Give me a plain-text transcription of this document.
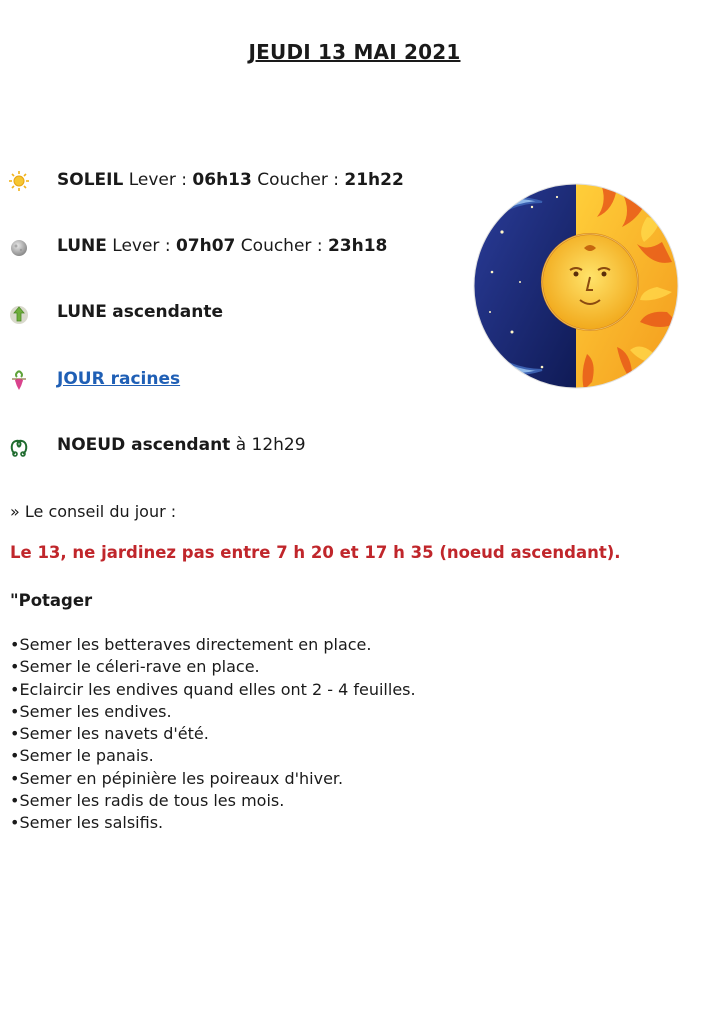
JEUDI 13 MAI 2021
SOLEIL Lever : 06h13 Coucher : 21h22
LUNE Lever : 07h07 Coucher : 23h18
LUNE ascendante
JOUR racines
NOEUD ascendant à 12h29
» Le conseil du jour :
Le 13, ne jardinez pas entre 7 h 20 et 17 h 35 (noeud ascendant).
"Potager
•Semer les betteraves directement en place.
•Semer le céleri-rave en place.
•Eclaircir les endives quand elles ont 2 - 4 feuilles.
•Semer les endives.
•Semer les navets d'été.
•Semer le panais.
•Semer en pépinière les poireaux d'hiver.
•Semer les radis de tous les mois.
•Semer les salsifis.
